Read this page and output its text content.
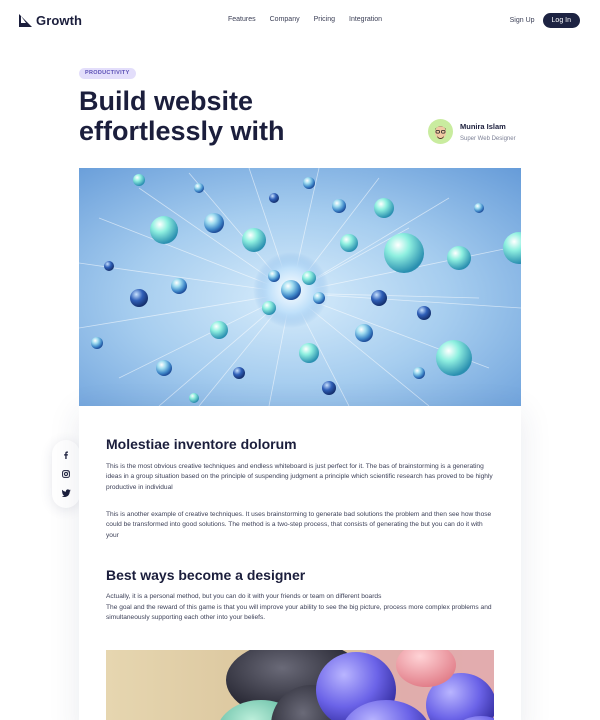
Growth	Features Company Pricing Integration	Sign Up	Log In
PRODUCTIVITY
Build website effortlessly with	Munira Islam
Super Web Designer
Molestiae inventore dolorum

This is the most obvious creative techniques and endless whiteboard is just perfect for it. The bas of brainstorming is a generating ideas in a group situation based on the principle of suspending judgment a principle which scientific research has proved to be highly productive in individual

This is another example of creative techniques. It uses brainstorming to generate bad solutions the problem and then see how those could be transformed into good solutions. The method is a two-step process, that consists of generating the but you can do it with your

Best ways become a designer

Actually, it is a personal method, but you can do it with your friends or team on different boards

The goal and the reward of this game is that you will improve your ability to see the big picture, process more complex problems and simultaneously supporting each other into your beliefs.
